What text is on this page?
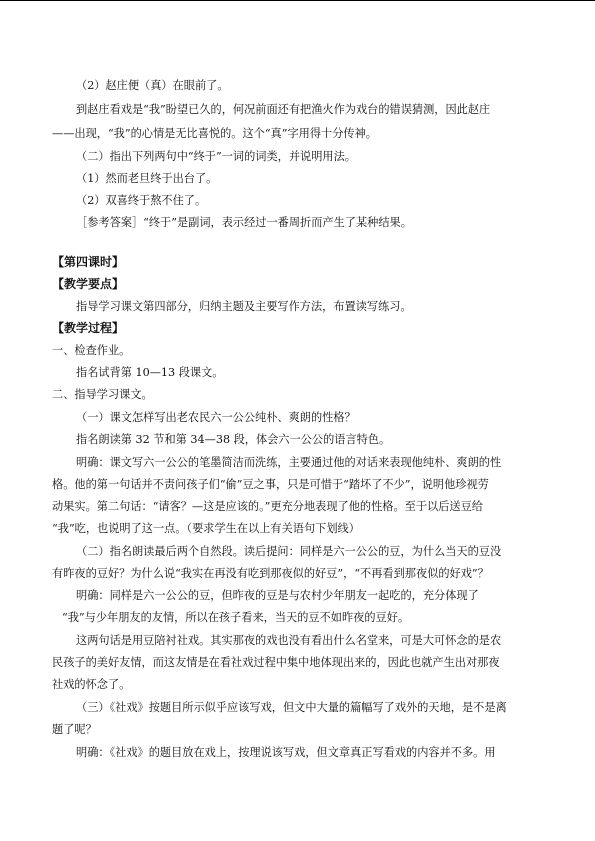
（2）赵庄便（真）在眼前了。
到赵庄看戏是“我”盼望已久的，何况前面还有把渔火作为戏台的错误猜测，因此赵庄
——出现，“我”的心情是无比喜悦的。这个“真”字用得十分传神。
（二）指出下列两句中“终于”一词的词类，并说明用法。
（1）然而老旦终于出台了。
（2）双喜终于熬不住了。
［参考答案］“终于”是副词，表示经过一番周折而产生了某种结果。
【第四课时】
【教学要点】
指导学习课文第四部分，归纳主题及主要写作方法，布置读写练习。
【教学过程】
一、检查作业。
指名试背第 10—13 段课文。
二、指导学习课文。
（一）课文怎样写出老农民六一公公纯朴、爽朗的性格？
指名朗读第 32 节和第 34—38 段，体会六一公公的语言特色。
明确：课文写六一公公的笔墨简洁而洗练，主要通过他的对话来表现他纯朴、爽朗的性
格。他的第一句话并不责问孩子们“偷”豆之事，只是可惜于“踏坏了不少”，说明他珍视劳
动果实。第二句话：“请客？—这是应该的。”更充分地表现了他的性格。至于以后送豆给
“我”吃，也说明了这一点。（要求学生在以上有关语句下划线）
（二）指名朗读最后两个自然段。读后提问：同样是六一公公的豆，为什么当天的豆没
有昨夜的豆好？为什么说“我实在再没有吃到那夜似的好豆”，“不再看到那夜似的好戏”？
明确：同样是六一公公的豆，但昨夜的豆是与农村少年朋友一起吃的，充分体现了
“我”与少年朋友的友情，所以在孩子看来，当天的豆不如昨夜的豆好。
这两句话是用豆陪衬社戏。其实那夜的戏也没有看出什么名堂来，可是大可怀念的是农
民孩子的美好友情，而这友情是在看社戏过程中集中地体现出来的，因此也就产生出对那夜
社戏的怀念了。
（三）《社戏》按题目所示似乎应该写戏，但文中大量的篇幅写了戏外的天地，是不是离
题了呢？
明确：《社戏》的题目放在戏上，按理说该写戏，但文章真正写看戏的内容并不多。用
